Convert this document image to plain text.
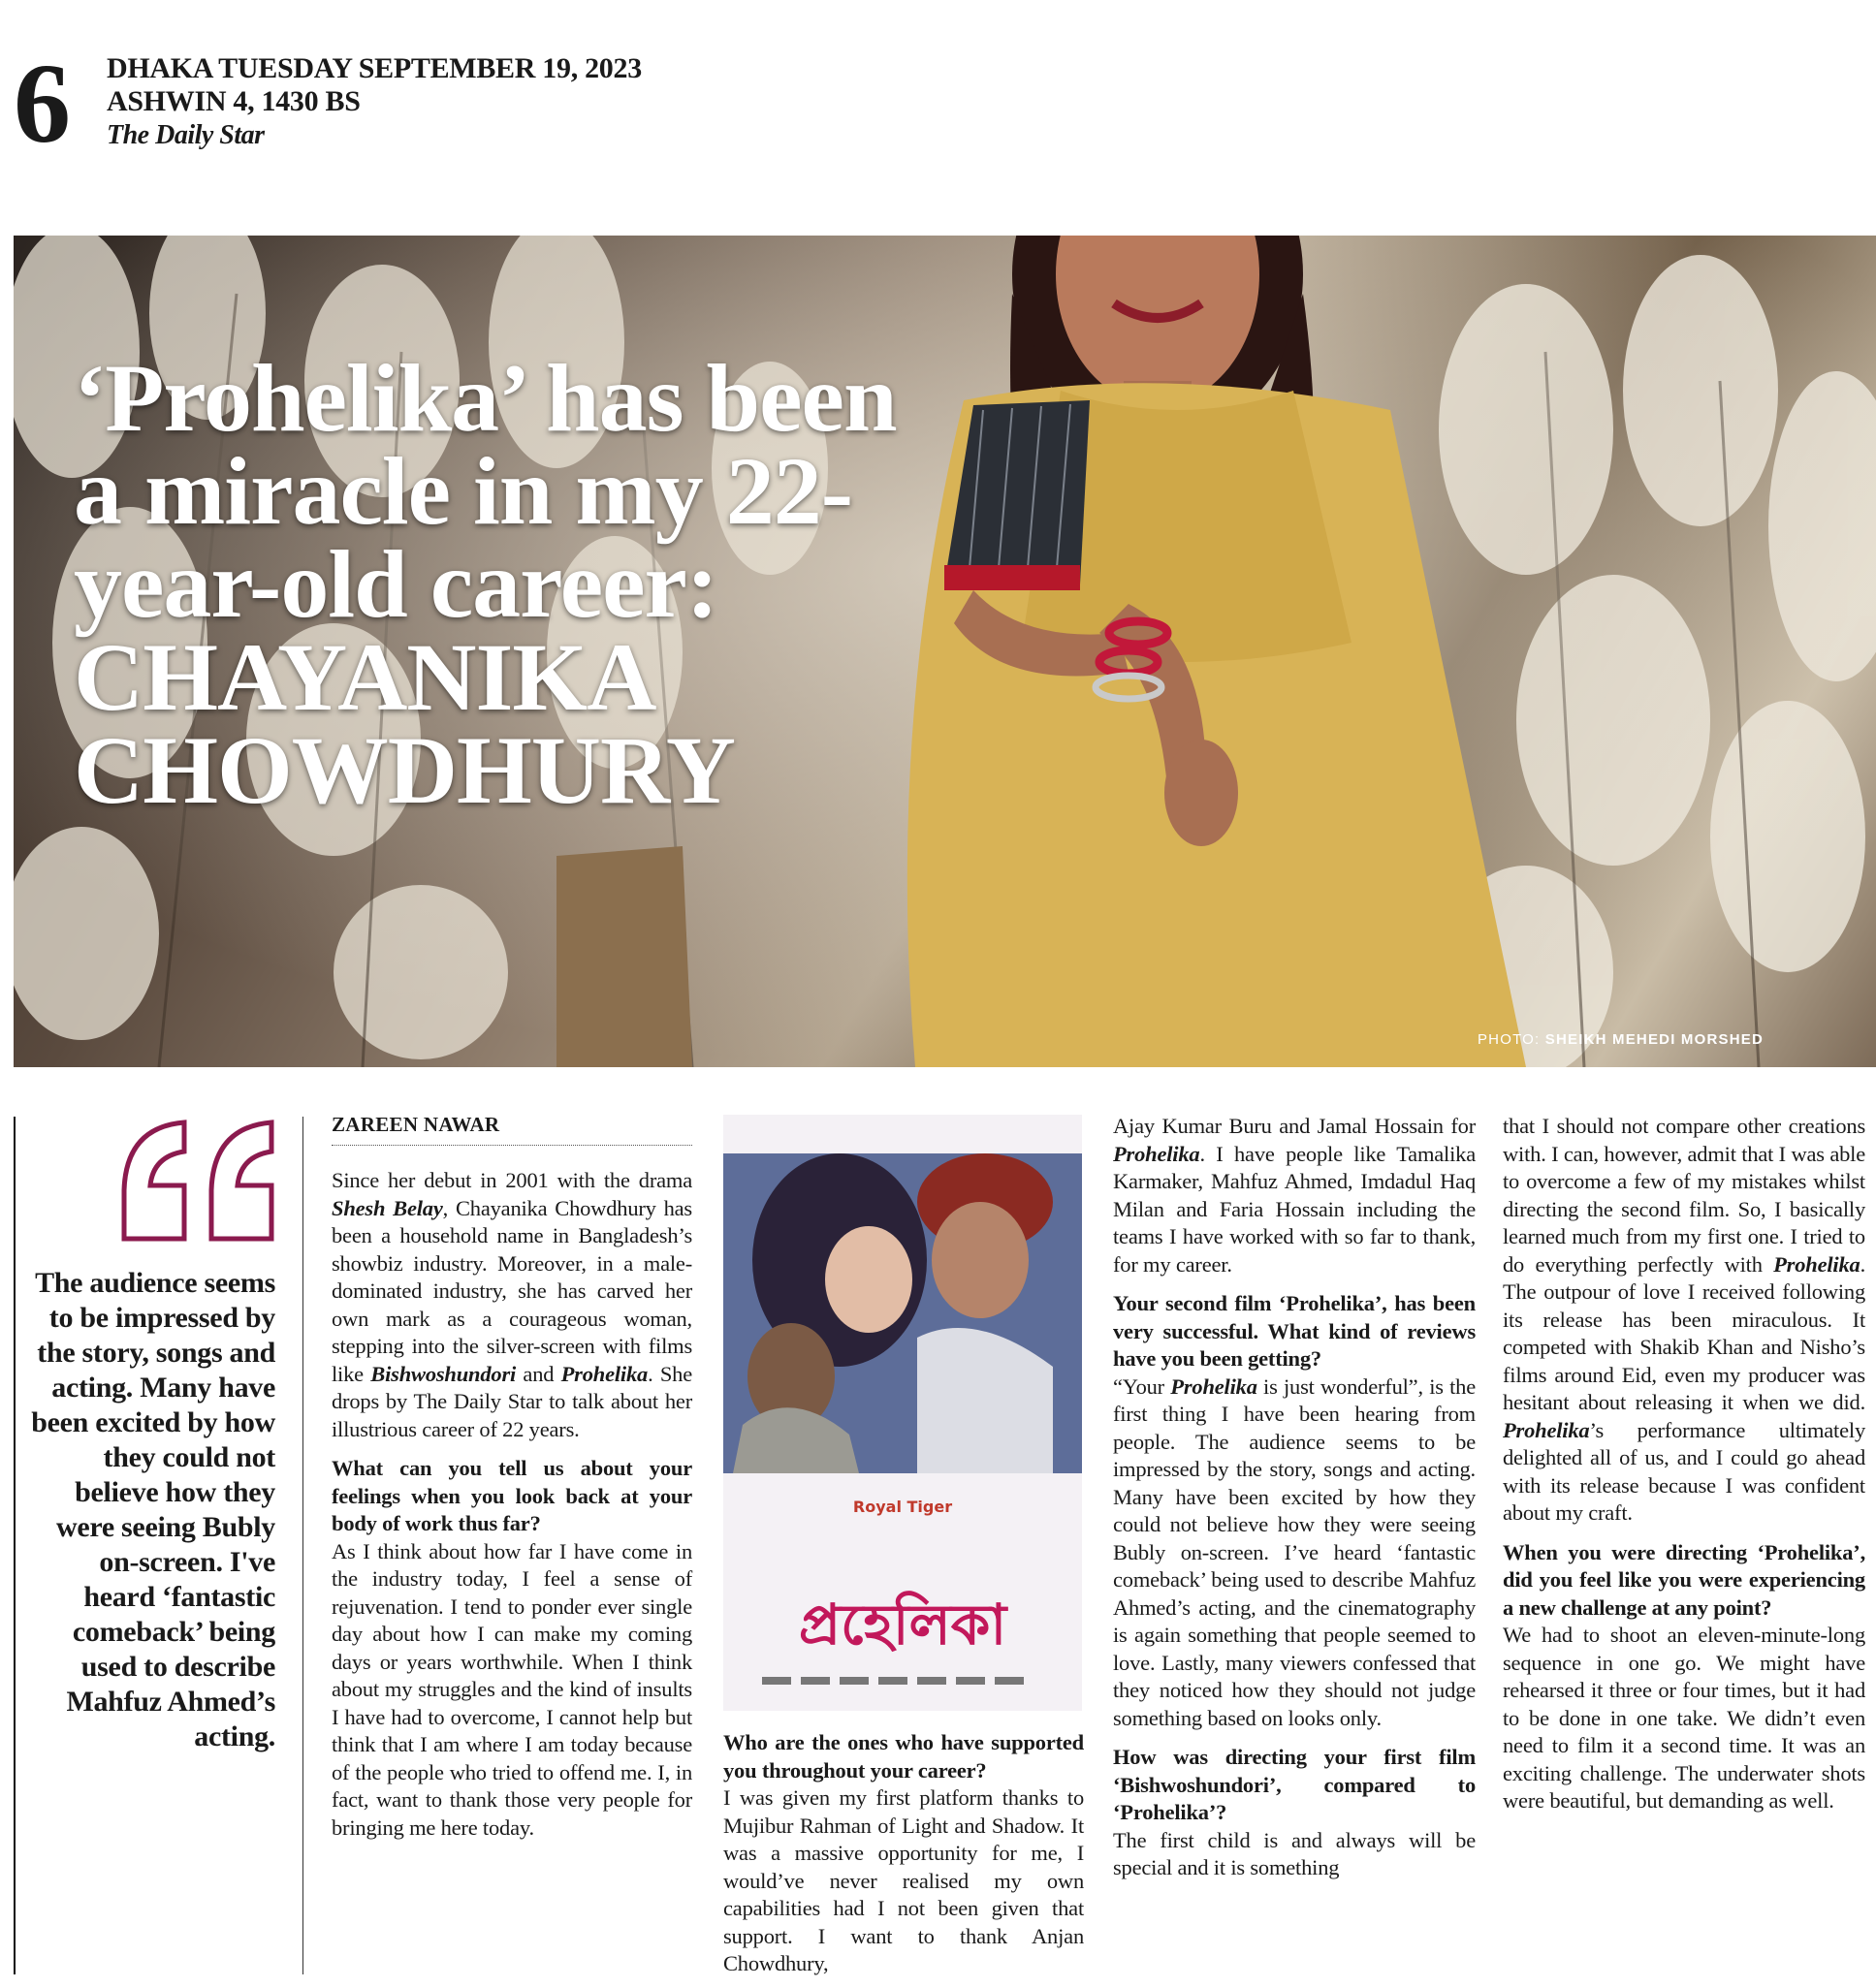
6 DHAKA TUESDAY SEPTEMBER 19, 2023
ASHWIN 4, 1430 BS
The Daily Star
‘Prohelika’ has been a miracle in my 22-year-old career:
CHAYANIKA CHOWDHURY
PHOTO: SHEIKH MEHEDI MORSHED

The audience seems to be impressed by the story, songs and acting. Many have been excited by how they could not believe how they were seeing Bubly on-screen. I've heard ‘fantastic comeback’ being used to describe Mahfuz Ahmed’s acting.

ZAREEN NAWAR

Since her debut in 2001 with the drama Shesh Belay, Chayanika Chowdhury has been a household name in Bangladesh’s showbiz industry. Moreover, in a male-dominated industry, she has carved her own mark as a courageous woman, stepping into the silver-screen with films like Bishwoshundori and Prohelika. She drops by The Daily Star to talk about her illustrious career of 22 years.

What can you tell us about your feelings when you look back at your body of work thus far?

As I think about how far I have come in the industry today, I feel a sense of rejuvenation. I tend to ponder ever single day about how I can make my coming days or years worthwhile. When I think about my struggles and the kind of insults I have had to overcome, I cannot help but think that I am where I am today because of the people who tried to offend me. I, in fact, want to thank those very people for bringing me here today.

Royal Tiger
প্রহেলিকা

Who are the ones who have supported you throughout your career?

I was given my first platform thanks to Mujibur Rahman of Light and Shadow. It was a massive opportunity for me, I would’ve never realised my own capabilities had I not been given that support. I want to thank Anjan Chowdhury,

Ajay Kumar Buru and Jamal Hossain for Prohelika. I have people like Tamalika Karmaker, Mahfuz Ahmed, Imdadul Haq Milan and Faria Hossain including the teams I have worked with so far to thank, for my career.

Your second film ‘Prohelika’, has been very successful. What kind of reviews have you been getting?

“Your Prohelika is just wonderful”, is the first thing I have been hearing from people. The audience seems to be impressed by the story, songs and acting. Many have been excited by how they could not believe how they were seeing Bubly on-screen. I’ve heard ‘fantastic comeback’ being used to describe Mahfuz Ahmed’s acting, and the cinematography is again something that people seemed to love. Lastly, many viewers confessed that they noticed how they should not judge something based on looks only.

How was directing your first film ‘Bishwoshundori’, compared to ‘Prohelika’?

The first child is and always will be special and it is something

that I should not compare other creations with. I can, however, admit that I was able to overcome a few of my mistakes whilst directing the second film. So, I basically learned much from my first one. I tried to do everything perfectly with Prohelika. The outpour of love I received following its release has been miraculous. It competed with Shakib Khan and Nisho’s films around Eid, even my producer was hesitant about releasing it when we did. Prohelika’s performance ultimately delighted all of us, and I could go ahead with its release because I was confident about my craft.

When you were directing ‘Prohelika’, did you feel like you were experiencing a new challenge at any point?

We had to shoot an eleven-minute-long sequence in one go. We might have rehearsed it three or four times, but it had to be done in one take. We didn’t even need to film it a second time. It was an exciting challenge. The underwater shots were beautiful, but demanding as well.
